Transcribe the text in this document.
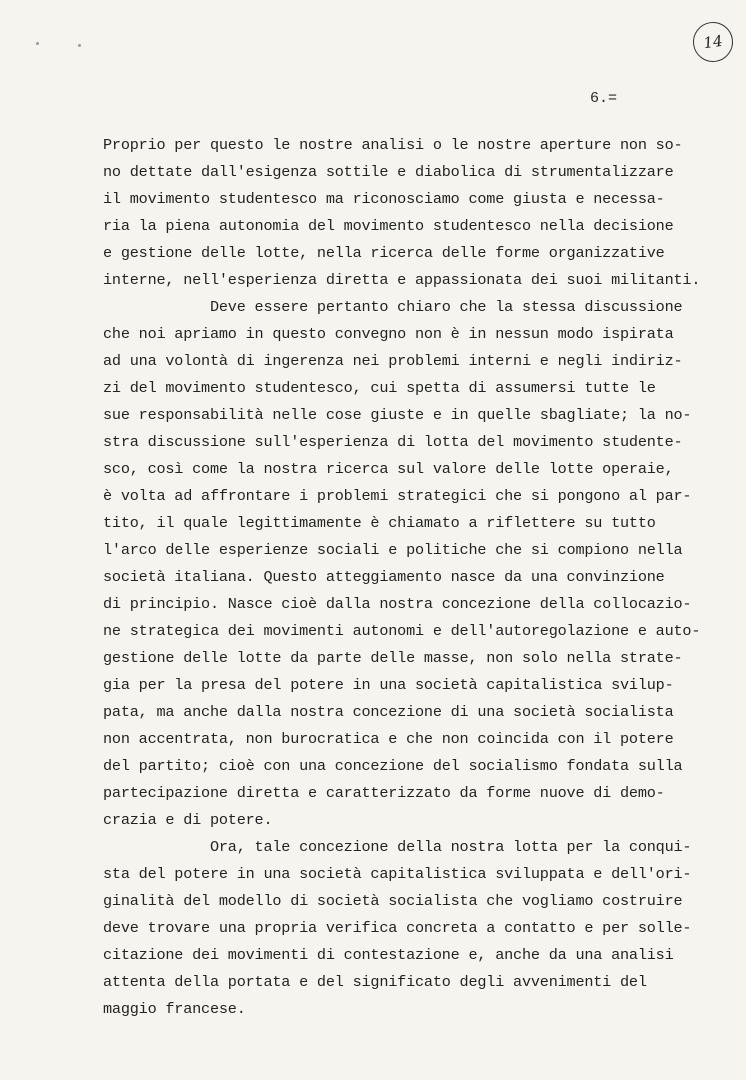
14
6.=
Proprio per questo le nostre analisi o le nostre aperture non so-
no dettate dall'esigenza sottile e diabolica di strumentalizzare
il movimento studentesco ma riconosciamo come giusta e necessa-
ria la piena autonomia del movimento studentesco nella decisione
e gestione delle lotte, nella ricerca delle forme organizzative
interne, nell'esperienza diretta e appassionata dei suoi militanti.
Deve essere pertanto chiaro che la stessa discussione
che noi apriamo in questo convegno non è in nessun modo ispirata
ad una volontà di ingerenza nei problemi interni e negli indiriz-
zi del movimento studentesco, cui spetta di assumersi tutte le
sue responsabilità nelle cose giuste e in quelle sbagliate; la no-
stra discussione sull'esperienza di lotta del movimento studente-
sco, così come la nostra ricerca sul valore delle lotte operaie,
è volta ad affrontare i problemi strategici che si pongono al par-
tito, il quale legittimamente è chiamato a riflettere su tutto
l'arco delle esperienze sociali e politiche che si compiono nella
società italiana. Questo atteggiamento nasce da una convinzione
di principio. Nasce cioè dalla nostra concezione della collocazio-
ne strategica dei movimenti autonomi e dell'autoregolazione e auto-
gestione delle lotte da parte delle masse, non solo nella strate-
gia per la presa del potere in una società capitalistica svilup-
pata, ma anche dalla nostra concezione di una società socialista
non accentrata, non burocratica e che non coincida con il potere
del partito; cioè con una concezione del socialismo fondata sulla
partecipazione diretta e caratterizzato da forme nuove di demo-
crazia e di potere.
Ora, tale concezione della nostra lotta per la conqui-
sta del potere in una società capitalistica sviluppata e dell'ori-
ginalità del modello di società socialista che vogliamo costruire
deve trovare una propria verifica concreta a contatto e per solle-
citazione dei movimenti di contestazione e, anche da una analisi
attenta della portata e del significato degli avvenimenti del
maggio francese.
